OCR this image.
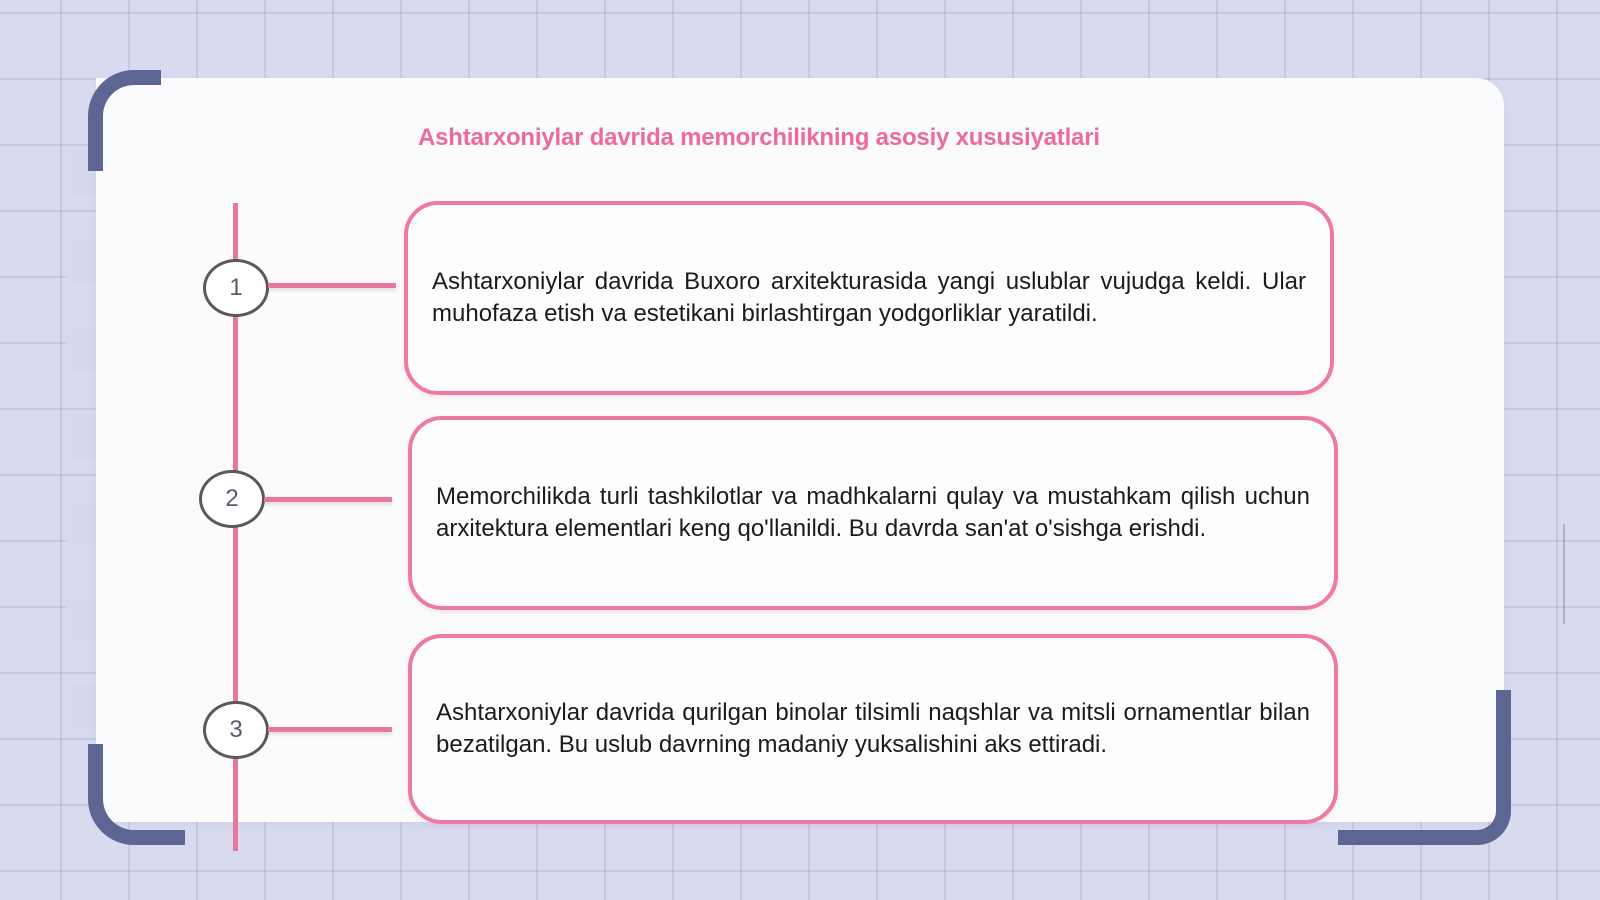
Ashtarxoniylar davrida memorchilikning asosiy xususiyatlari
1	Ashtarxoniylar davrida Buxoro arxitekturasida yangi uslublar vujudga keldi. Ular muhofaza etish va estetikani birlashtirgan yodgorliklar yaratildi.
2	Memorchilikda turli tashkilotlar va madhkalarni qulay va mustahkam qilish uchun arxitektura elementlari keng qo'llanildi. Bu davrda san'at o'sishga erishdi.
3
Ashtarxoniylar davrida qurilgan binolar tilsimli naqshlar va mitsli ornamentlar bilan bezatilgan. Bu uslub davrning madaniy yuksalishini aks ettiradi.
